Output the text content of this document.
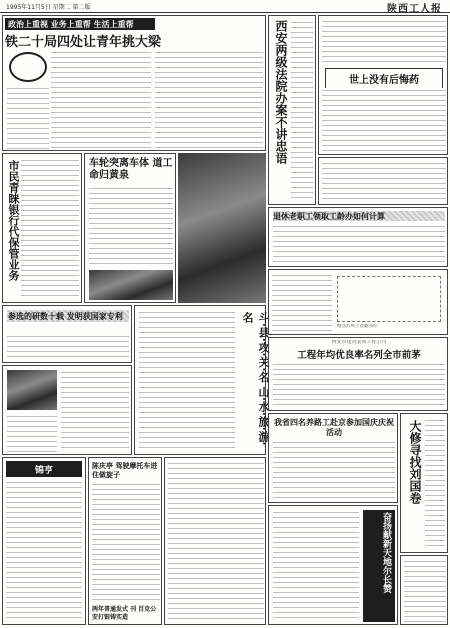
1995年11月5日 星期二 第二版	陕西工人报
政治上重视 业务上重帮 生活上重帮
铁二十局四处让青年挑大梁
市民青睐银行代保管业务	车轮突离车体 道工命归黄泉
参选的研数十载 发明获国家专利	斗·县·攻·关·名 山·水·旅·游·名
锦亨
陈庆亭 驾驶摩托车进住做旋子
两年普通发式 刊 百克公安打银铸实造
西安两级法院办案不讲忠语	世上没有后悔药
退休老职工领取工龄办如何计算
赠送苏埠上春翻书好
西安市建筑装饰工程公司
工程年均优良率名列全市前茅
我省四名养路工赴京参加国庆庆祝活动	大修寻找刘国卷
奋扬献新天地尔长赞
